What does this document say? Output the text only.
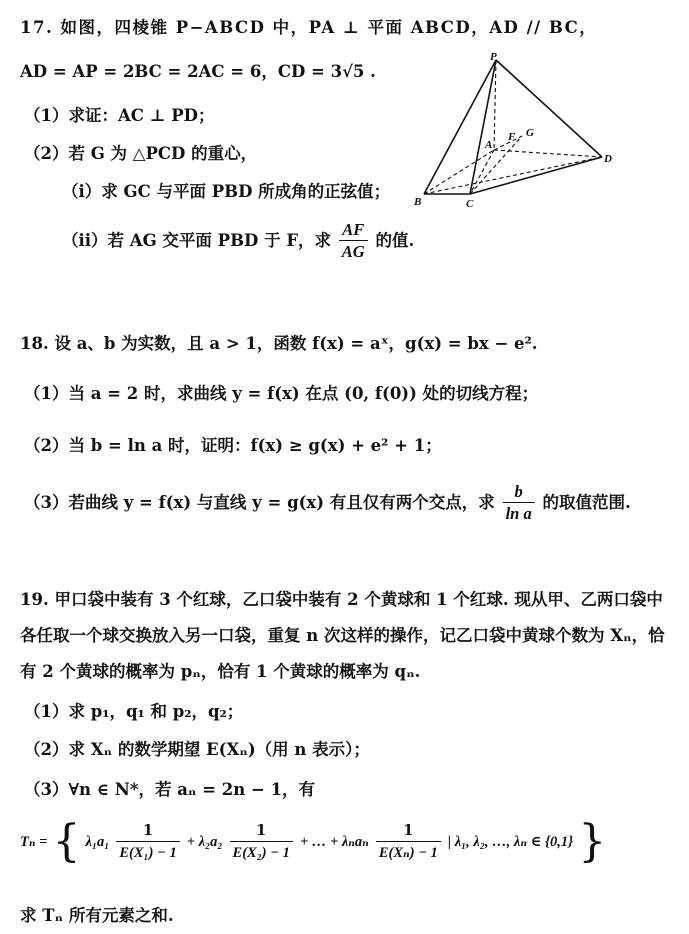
17. 如图，四棱锥 P−ABCD 中，PA ⊥ 平面 ABCD，AD // BC，
AD = AP = 2BC = 2AC = 6，CD = 3√5 .
（1）求证：AC ⊥ PD；
（2）若 G 为 △PCD 的重心，
（i）求 GC 与平面 PBD 所成角的正弦值；
（ii）若 AG 交平面 PBD 于 F，求 $\frac{AF}{AG}$ 的值.
P
A
B	C
D
F G
18. 设 a、b 为实数，且 a > 1，函数 f(x) = aˣ，g(x) = bx − e².
（1）当 a = 2 时，求曲线 y = f(x) 在点 (0, f(0)) 处的切线方程；
（2）当 b = ln a 时，证明：f(x) ≥ g(x) + e² + 1；
（3）若曲线 y = f(x) 与直线 y = g(x) 有且仅有两个交点，求 $\frac{b}{\text{ln a}}$ 的取值范围.
19. 甲口袋中装有 3 个红球，乙口袋中装有 2 个黄球和 1 个红球. 现从甲、乙两口袋中
各任取一个球交换放入另一口袋，重复 n 次这样的操作，记乙口袋中黄球个数为 Xₙ，恰
有 2 个黄球的概率为 pₙ，恰有 1 个黄球的概率为 qₙ.
（1）求 p₁，q₁ 和 p₂，q₂；
（2）求 Xₙ 的数学期望 E(Xₙ)（用 n 表示）；
（3）∀n ∈ N*，若 aₙ = 2n − 1，有
Tₙ = { $\lambda_1a_1 \frac{1}{\text{E(X₁) − 1}} + \lambda_2a_2 \frac{1}{\text{E(X₂) − 1}}$ + … + λₙaₙ $\frac{1}{\text{E(Xₙ) − 1}}$ | λ₁, λ₂, …, λₙ ∈ {0,1} }
求 Tₙ 所有元素之和.
